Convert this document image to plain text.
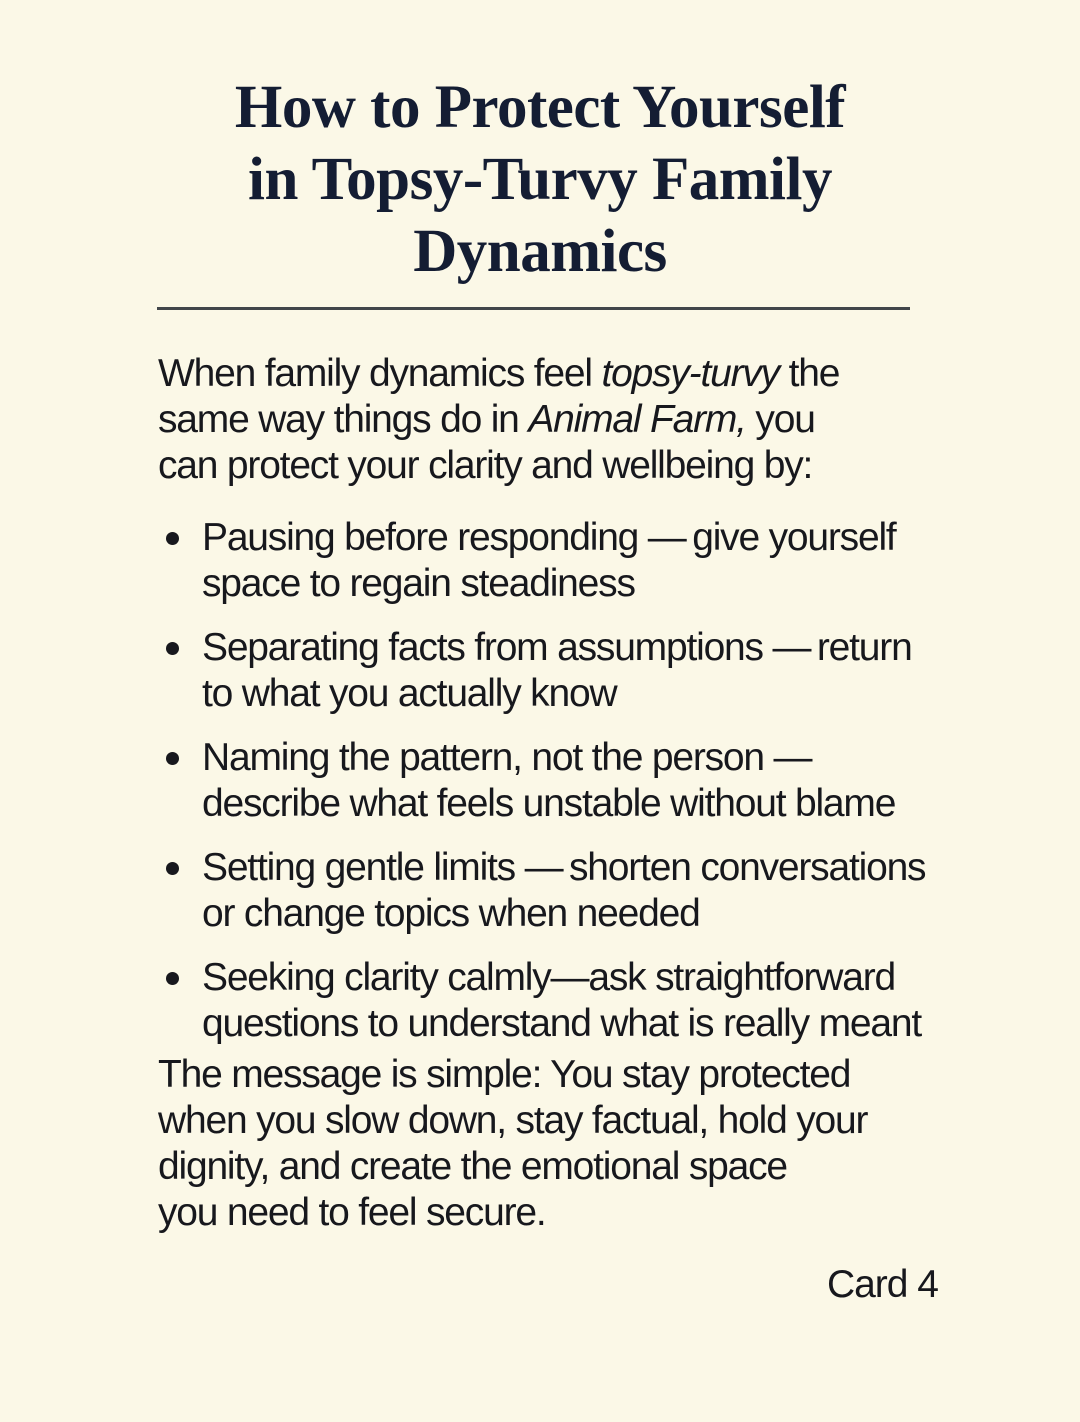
How to Protect Yourself
in Topsy-Turvy Family
Dynamics
When family dynamics feel topsy-turvy the
same way things do in Animal Farm, you
can protect your clarity and wellbeing by:
Pausing before responding — give yourself
space to regain steadiness
Separating facts from assumptions — return
to what you actually know
Naming the pattern, not the person —
describe what feels unstable without blame
Setting gentle limits — shorten conversations
or change topics when needed
Seeking clarity calmly—ask straightforward
questions to understand what is really meant
The message is simple: You stay protected
when you slow down, stay factual, hold your
dignity, and create the emotional space
you need to feel secure.
Card 4
